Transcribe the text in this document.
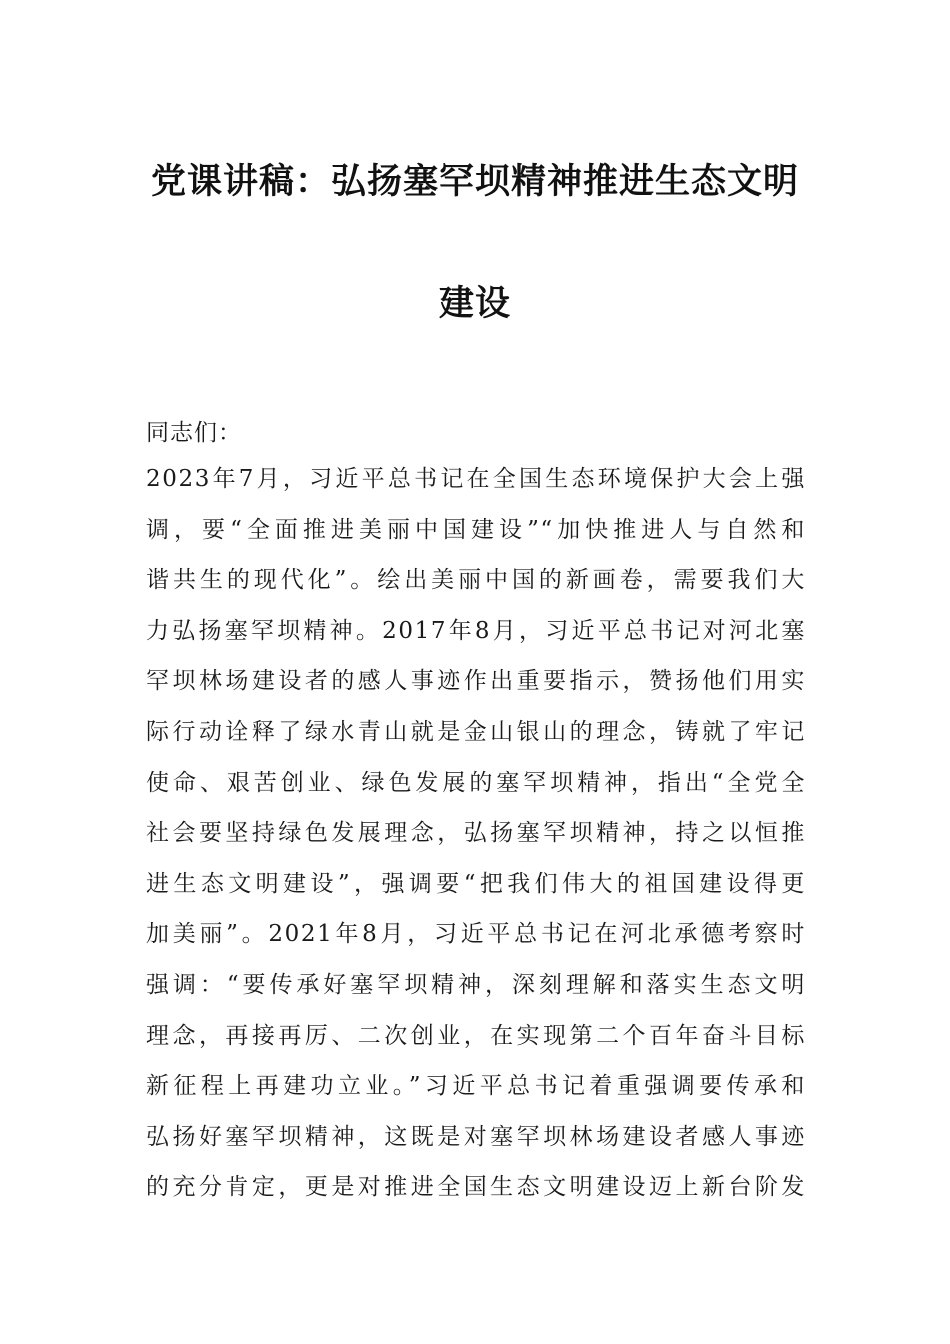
党课讲稿：弘扬塞罕坝精神推进生态文明
建设

同志们：

2023年7月，习近平总书记在全国生态环境保护大会上强
调，要“全面推进美丽中国建设”“加快推进人与自然和
谐共生的现代化”。绘出美丽中国的新画卷，需要我们大
力弘扬塞罕坝精神。2017年8月，习近平总书记对河北塞
罕坝林场建设者的感人事迹作出重要指示，赞扬他们用实
际行动诠释了绿水青山就是金山银山的理念，铸就了牢记
使命、艰苦创业、绿色发展的塞罕坝精神，指出“全党全
社会要坚持绿色发展理念，弘扬塞罕坝精神，持之以恒推
进生态文明建设”，强调要“把我们伟大的祖国建设得更
加美丽”。2021年8月，习近平总书记在河北承德考察时
强调：“要传承好塞罕坝精神，深刻理解和落实生态文明
理念，再接再厉、二次创业，在实现第二个百年奋斗目标
新征程上再建功立业。”习近平总书记着重强调要传承和
弘扬好塞罕坝精神，这既是对塞罕坝林场建设者感人事迹
的充分肯定，更是对推进全国生态文明建设迈上新台阶发
